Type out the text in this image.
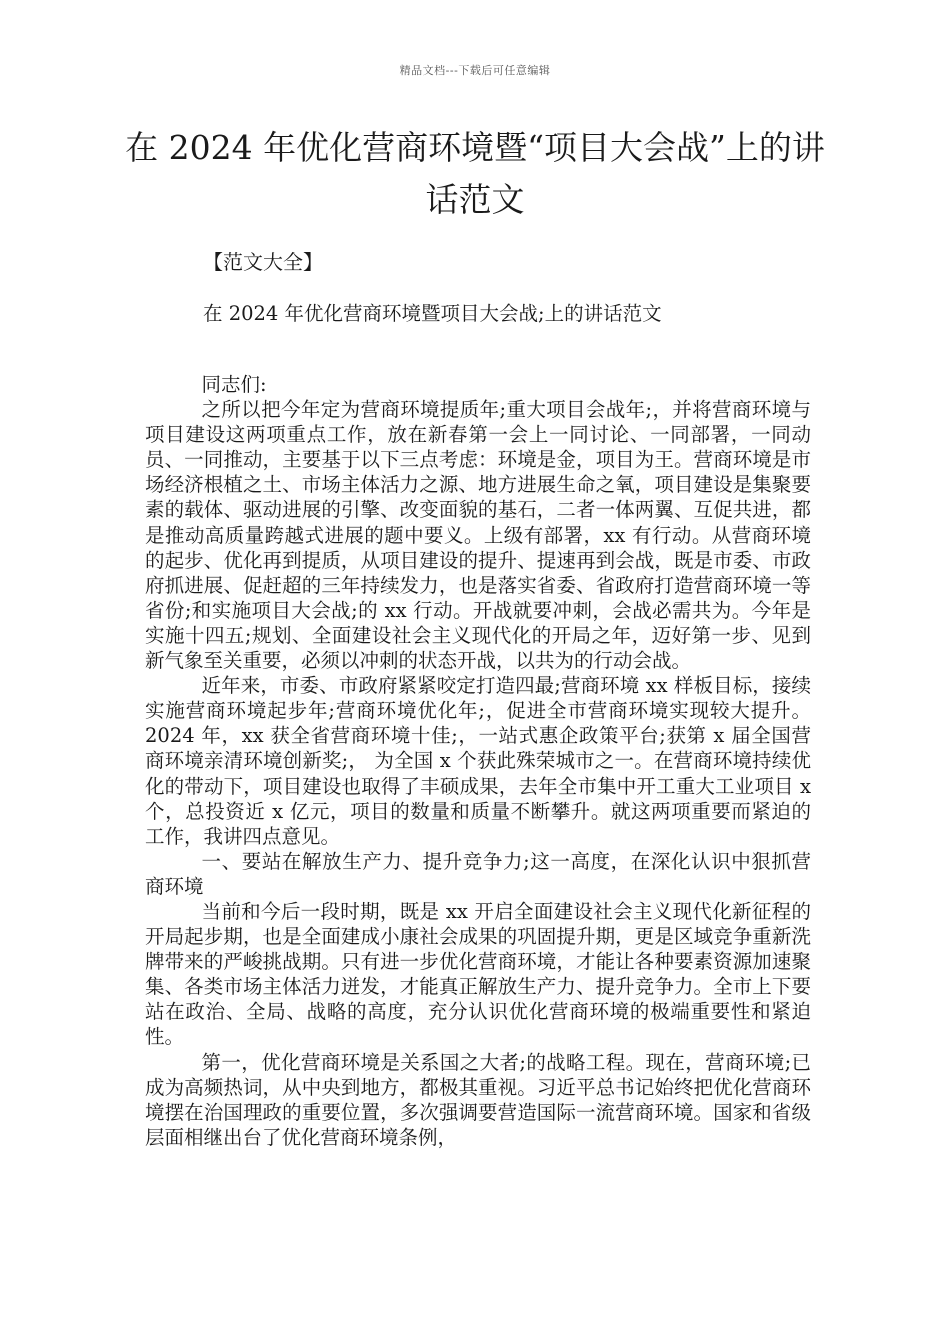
精品文档---下载后可任意编辑
在 2024 年优化营商环境暨“项目大会战”上的讲话范文
【范文大全】
在 2024 年优化营商环境暨项目大会战;上的讲话范文

同志们:

之所以把今年定为营商环境提质年;重大项目会战年;，并将营商环境与项目建设这两项重点工作，放在新春第一会上一同讨论、一同部署，一同动员、一同推动，主要基于以下三点考虑：环境是金，项目为王。营商环境是市场经济根植之土、市场主体活力之源、地方进展生命之氧，项目建设是集聚要素的载体、驱动进展的引擎、改变面貌的基石，二者一体两翼、互促共进，都是推动高质量跨越式进展的题中要义。上级有部署，xx 有行动。从营商环境的起步、优化再到提质，从项目建设的提升、提速再到会战，既是市委、市政府抓进展、促赶超的三年持续发力，也是落实省委、省政府打造营商环境一等省份;和实施项目大会战;的 xx 行动。开战就要冲刺，会战必需共为。今年是实施十四五;规划、全面建设社会主义现代化的开局之年，迈好第一步、见到新气象至关重要，必须以冲刺的状态开战，以共为的行动会战。

近年来，市委、市政府紧紧咬定打造四最;营商环境 xx 样板目标，接续实施营商环境起步年;营商环境优化年;，促进全市营商环境实现较大提升。2024 年，xx 获全省营商环境十佳;，一站式惠企政策平台;获第 x 届全国营商环境亲清环境创新奖;， 为全国 x 个获此殊荣城市之一。在营商环境持续优化的带动下，项目建设也取得了丰硕成果，去年全市集中开工重大工业项目 x 个，总投资近 x 亿元，项目的数量和质量不断攀升。就这两项重要而紧迫的工作，我讲四点意见。

一、要站在解放生产力、提升竞争力;这一高度，在深化认识中狠抓营商环境

当前和今后一段时期，既是 xx 开启全面建设社会主义现代化新征程的开局起步期，也是全面建成小康社会成果的巩固提升期，更是区域竞争重新洗牌带来的严峻挑战期。只有进一步优化营商环境，才能让各种要素资源加速聚集、各类市场主体活力迸发，才能真正解放生产力、提升竞争力。全市上下要站在政治、全局、战略的高度，充分认识优化营商环境的极端重要性和紧迫性。

第一，优化营商环境是关系国之大者;的战略工程。现在，营商环境;已成为高频热词，从中央到地方，都极其重视。习近平总书记始终把优化营商环境摆在治国理政的重要位置，多次强调要营造国际一流营商环境。国家和省级层面相继出台了优化营商环境条例，
